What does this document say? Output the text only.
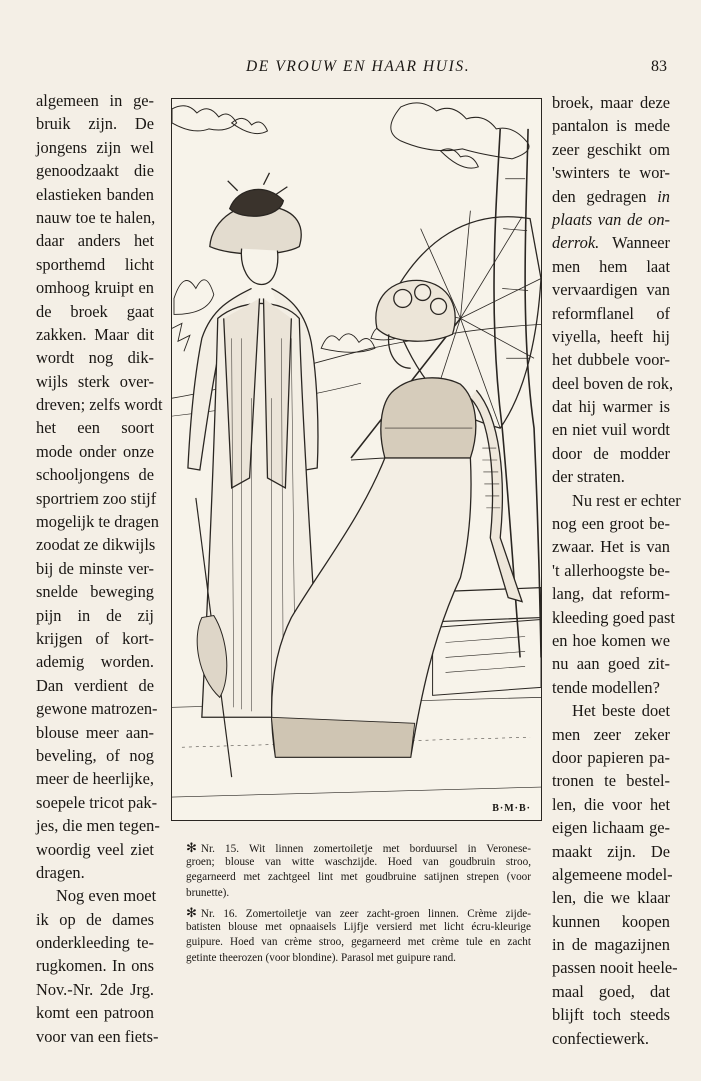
DE VROUW EN HAAR HUIS.	83
algemeen in ge-
bruik zijn. De
jongens zijn wel
genoodzaakt die
elastieken banden
nauw toe te halen,
daar anders het
sporthemd licht
omhoog kruipt en
de broek gaat
zakken. Maar dit
wordt nog dik-
wijls sterk over-
dreven; zelfs wordt
het een soort
mode onder onze
schooljongens de
sportriem zoo stijf
mogelijk te dragen
zoodat ze dikwijls
bij de minste ver-
snelde beweging
pijn in de zij
krijgen of kort-
ademig worden.
Dan verdient de
gewone matrozen-
blouse meer aan-
beveling, of nog
meer de heerlijke,
soepele tricot pak-
jes, die men tegen-
woordig veel ziet
dragen.
Nog even moet
ik op de dames
onderkleeding te-
rugkomen. In ons
Nov.-Nr. 2de Jrg.
komt een patroon
voor van een fiets-
B·M·B·
✻ Nr. 15. Wit linnen zomertoiletje met borduursel in Veronese-
groen; blouse van witte waschzijde. Hoed van goudbruin stroo,
gegarneerd met zachtgeel lint met goudbruine satijnen strepen (voor
brunette).
✻ Nr. 16. Zomertoiletje van zeer zacht-groen linnen. Crème zijde-
batisten blouse met opnaaisels Lijfje versierd met licht écru-kleurige
guipure. Hoed van crème stroo, gegarneerd met crème tule en zacht
getinte theerozen (voor blondine). Parasol met guipure rand.
broek, maar deze
pantalon is mede
zeer geschikt om
'swinters te wor-
den gedragen in
plaats van de on-
derrok. Wanneer
men hem laat
vervaardigen van
reformflanel of
viyella, heeft hij
het dubbele voor-
deel boven de rok,
dat hij warmer is
en niet vuil wordt
door de modder
der straten.
Nu rest er echter
nog een groot be-
zwaar. Het is van
't allerhoogste be-
lang, dat reform-
kleeding goed past
en hoe komen we
nu aan goed zit-
tende modellen?
Het beste doet
men zeer zeker
door papieren pa-
tronen te bestel-
len, die voor het
eigen lichaam ge-
maakt zijn. De
algemeene model-
len, die we klaar
kunnen koopen
in de magazijnen
passen nooit heele-
maal goed, dat
blijft toch steeds
confectiewerk.
